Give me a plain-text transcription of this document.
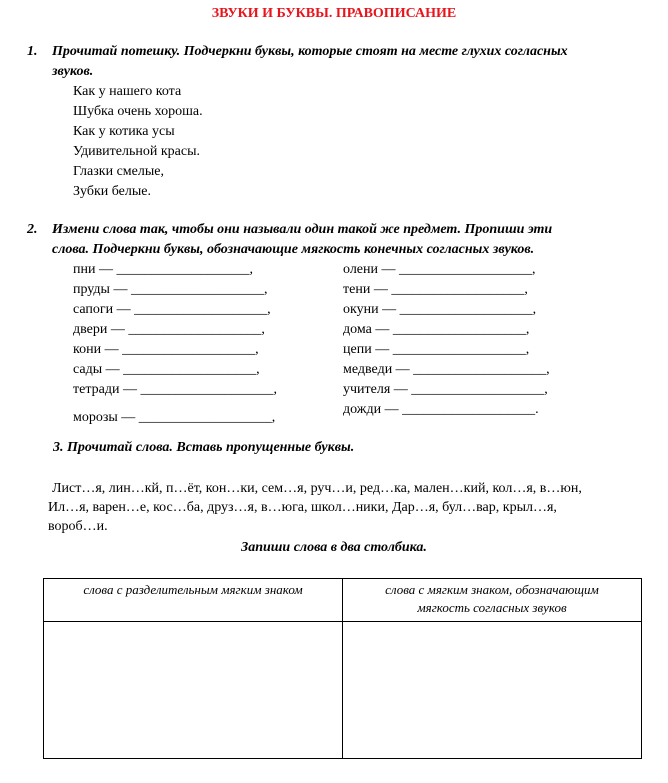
ЗВУКИ И БУКВЫ. ПРАВОПИСАНИЕ
1. Прочитай потешку. Подчеркни буквы, которые стоят на месте глухих согласных
звуков.
Как у нашего кота
Шубка очень хороша.
Как у котика усы
Удивительной красы.
Глазки смелые,
Зубки белые.
2. Измени слова так, чтобы они называли один такой же предмет. Пропиши эти
слова. Подчеркни буквы, обозначающие мягкость конечных согласных звуков.
пни — ___________________,
пруды — ___________________,
сапоги — ___________________,
двери — ___________________,
кони — ___________________,
сады — ___________________,
тетради — ___________________,
морозы — ___________________,
олени — ___________________,
тени — ___________________,
окуни — ___________________,
дома — ___________________,
цепи — ___________________,
медведи — ___________________,
учителя — ___________________,
дожди — ___________________.
3. Прочитай слова. Вставь пропущенные буквы.
Лист…я, лин…кй, п…ёт, кон…ки, сем…я, руч…и, ред…ка, мален…кий, кол…я, в…юн,
Ил…я, варен…е, кос…ба, друз…я, в…юга, школ…ники, Дар…я, бул…вар, крыл…я,
вороб…и.
Запиши слова в два столбика.
слова с разделительным мягким знаком	слова с мягким знаком, обозначающим
мягкость согласных звуков
